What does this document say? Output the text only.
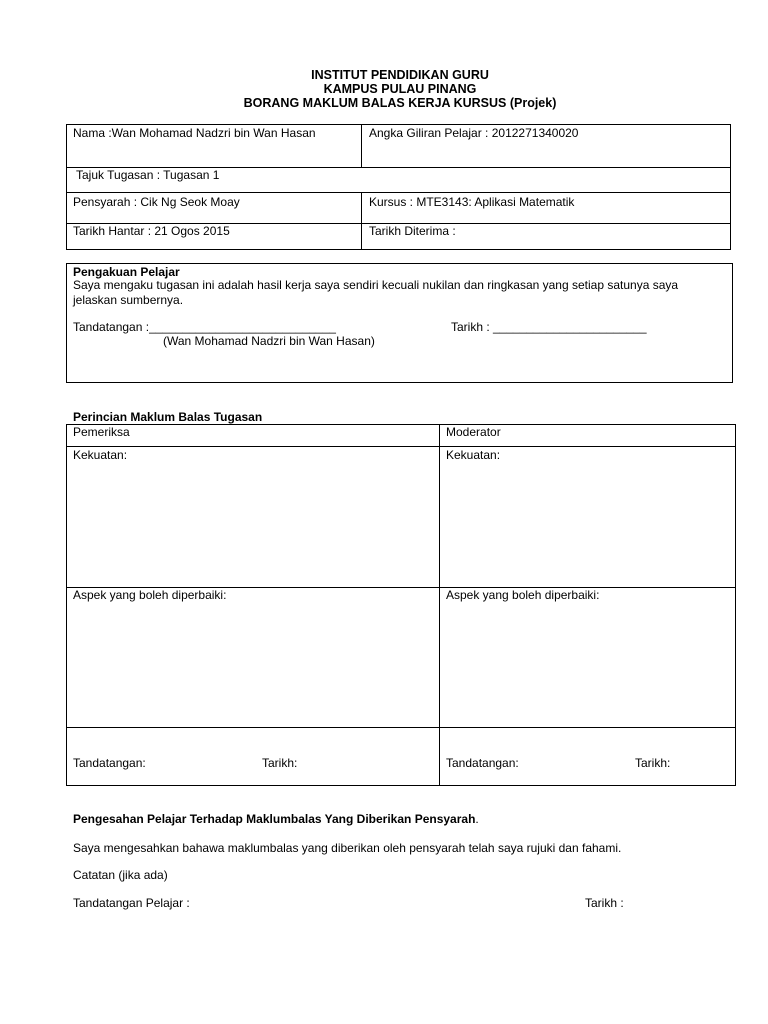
INSTITUT PENDIDIKAN GURU
KAMPUS PULAU PINANG
BORANG MAKLUM BALAS KERJA KURSUS (Projek)
Nama :Wan Mohamad Nadzri bin Wan Hasan	Angka Giliran Pelajar : 2012271340020
Tajuk Tugasan : Tugasan 1
Pensyarah : Cik Ng Seok Moay	Kursus : MTE3143: Aplikasi Matematik
Tarikh Hantar : 21 Ogos 2015	Tarikh Diterima :
Pengakuan Pelajar
Saya mengaku tugasan ini adalah hasil kerja saya sendiri kecuali nukilan dan ringkasan yang setiap satunya saya
jelaskan sumbernya.
Tandatangan :____________________________	Tarikh : _______________________
(Wan Mohamad Nadzri bin Wan Hasan)
Perincian Maklum Balas Tugasan
Pemeriksa	Moderator
Kekuatan:	Kekuatan:
Aspek yang boleh diperbaiki:	Aspek yang boleh diperbaiki:
Tandatangan:	Tarikh:	Tandatangan:	Tarikh:
Pengesahan Pelajar Terhadap Maklumbalas Yang Diberikan Pensyarah.
Saya mengesahkan bahawa maklumbalas yang diberikan oleh pensyarah telah saya rujuki dan fahami.
Catatan (jika ada)
Tandatangan Pelajar :	Tarikh :
